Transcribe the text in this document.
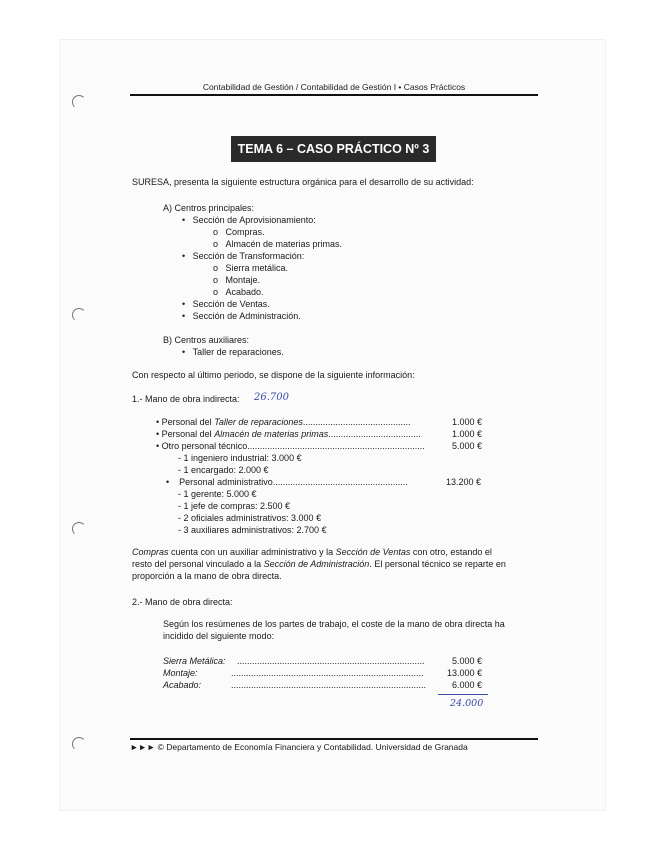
Contabilidad de Gestión / Contabilidad de Gestión I • Casos Prácticos
TEMA 6 – CASO PRÁCTICO Nº 3
SURESA, presenta la siguiente estructura orgánica para el desarrollo de su actividad:
A) Centros principales:
•   Sección de Aprovisionamiento:
o   Compras.
o   Almacén de materias primas.
•   Sección de Transformación:
o   Sierra metálica.
o   Montaje.
o   Acabado.
•   Sección de Ventas.
•   Sección de Administración.
B) Centros auxiliares:
•   Taller de reparaciones.
Con respecto al último periodo, se dispone de la siguiente información:
1.- Mano de obra indirecta: 26.700
• Personal del Taller de reparaciones...........................................	1.000 €
• Personal del Almacén de materias primas.....................................	1.000 €
• Otro personal técnico.......................................................................	5.000 €
- 1 ingeniero industrial: 3.000 €
- 1 encargado: 2.000 €
•    Personal administrativo......................................................	13.200 €
- 1 gerente: 5.000 €
- 1 jefe de compras: 2.500 €
- 2 oficiales administrativos: 3.000 €
- 3 auxiliares administrativos: 2.700 €
Compras cuenta con un auxiliar administrativo y la Sección de Ventas con otro, estando el
resto del personal vinculado a la Sección de Administración. El personal técnico se reparte en
proporción a la mano de obra directa.
2.- Mano de obra directa:
Según los resúmenes de los partes de trabajo, el coste de la mano de obra directa ha
incidido del siguiente modo:
Sierra Metálica: ...........................................................................	5.000 €
Montaje:	.............................................................................	13.000 €
Acabado:	..............................................................................	6.000 €
24.000
►►► © Departamento de Economía Financiera y Contabilidad. Universidad de Granada
